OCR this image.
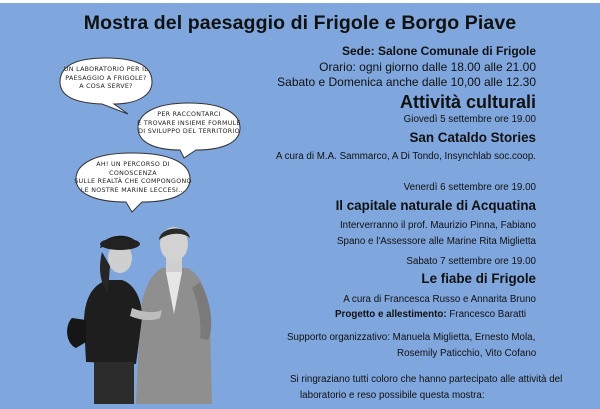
Mostra del paesaggio di Frigole e Borgo Piave
Sede: Salone Comunale di Frigole
Orario: ogni giorno dalle 18.00 alle 21.00
Sabato e Domenica anche dalle 10,00 alle 12.30
Attività culturali
Giovedì 5 settembre ore 19.00
San Cataldo Stories
A cura di M.A. Sammarco, A Di Tondo, Insynchlab soc.coop.
Venerdì 6 settembre ore 19.00
Il capitale naturale di Acquatina
Interverranno il prof. Maurizio Pinna, Fabiano
Spano e l'Assessore alle Marine Rita Miglietta
Sabato 7 settembre ore 19.00
Le fiabe di Frigole
A cura di Francesca Russo e Annarita Bruno
Progetto e allestimento: Francesco Baratti
Supporto organizzativo: Manuela Miglietta, Ernesto Mola,
Rosemily Paticchio, Vito Cofano
Si ringraziano tutti coloro che hanno partecipato alle attività del
laboratorio e reso possibile questa mostra:
UN LABORATORIO PER IL
PAESAGGIO A FRIGOLE?
A COSA SERVE?
PER RACCONTARCI
E TROVARE INSIEME FORMULE
DI SVILUPPO DEL TERRITORIO
AH! UN PERCORSO DI CONOSCENZA
SULLE REALTÀ CHE COMPONGONO
LE NOSTRE MARINE LECCESI...
